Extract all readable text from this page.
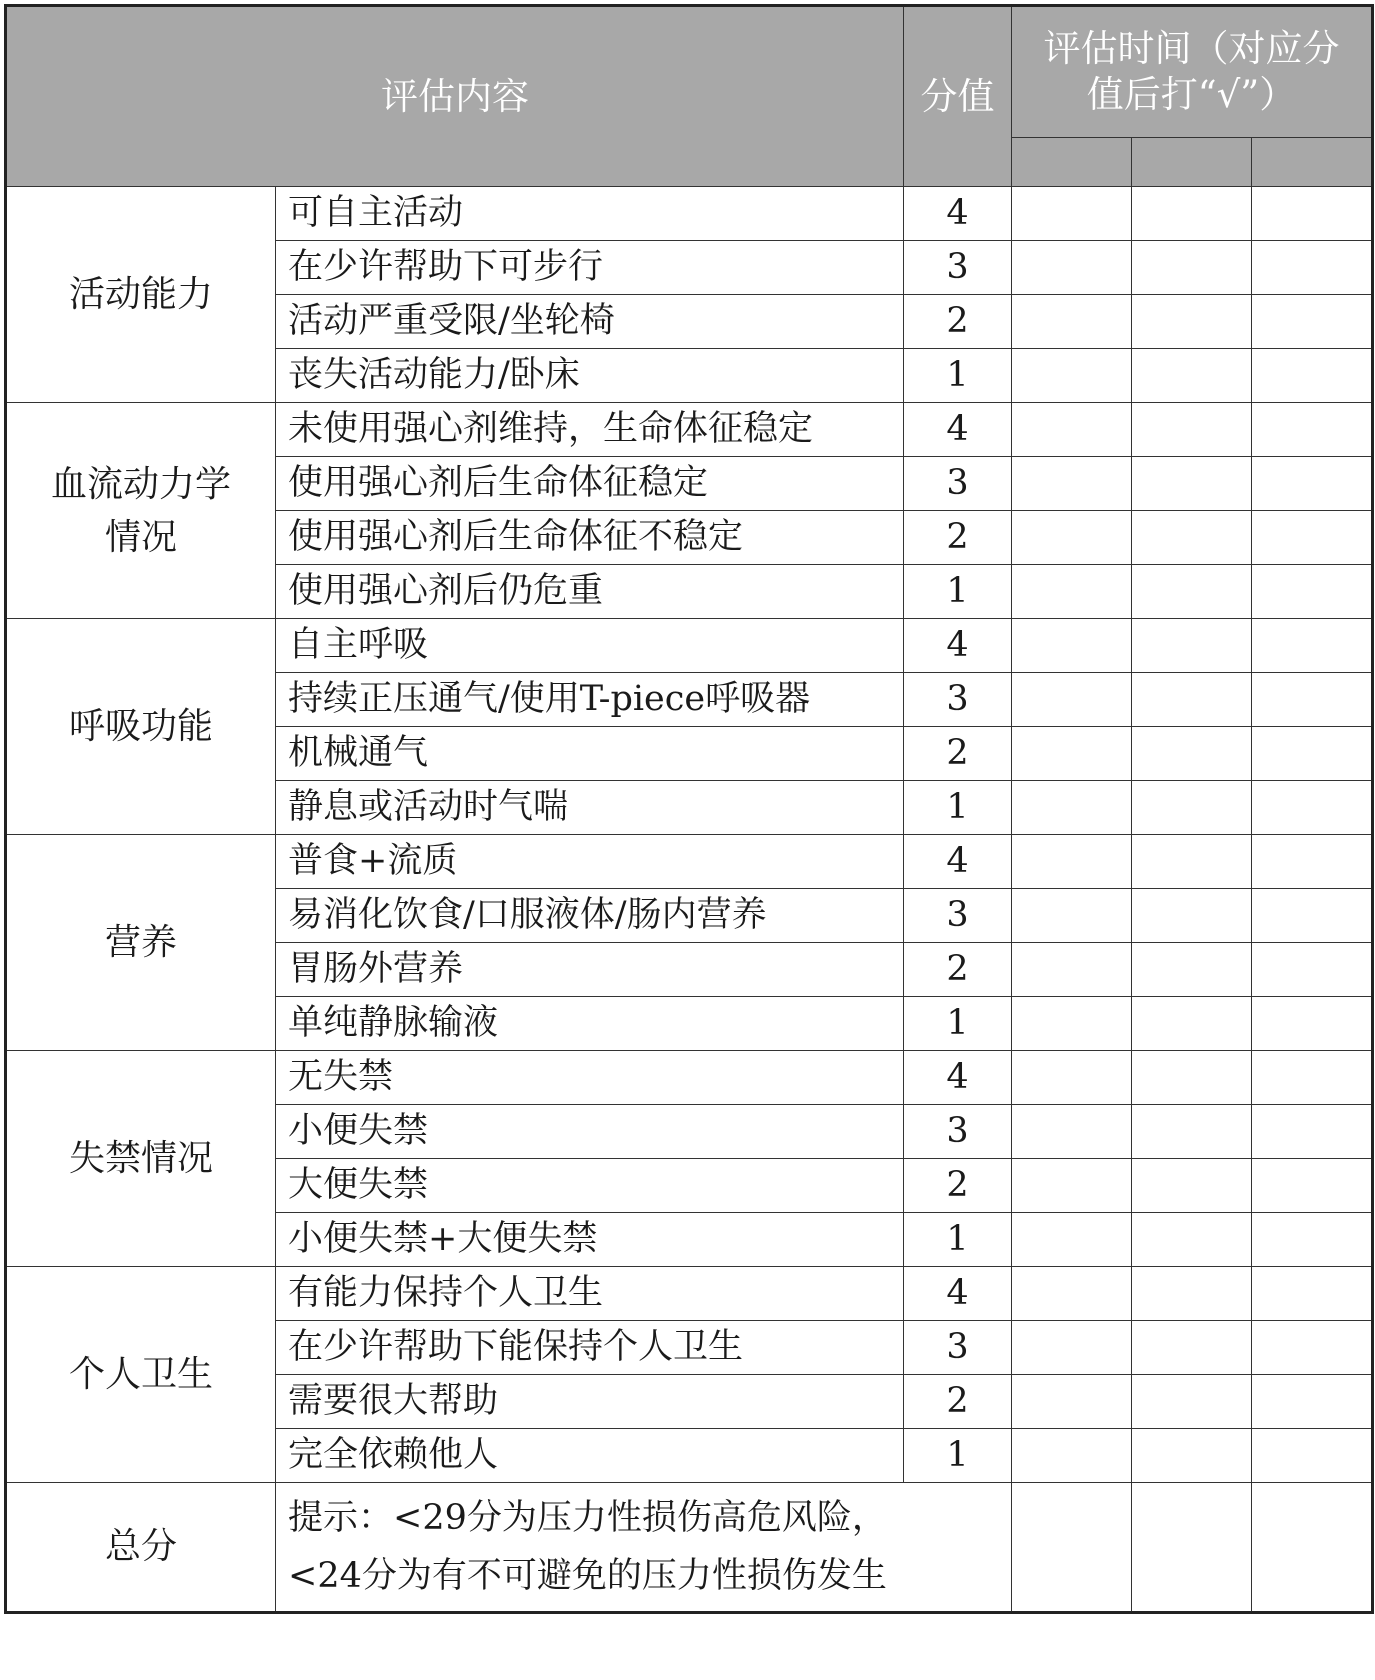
评估内容		分值	评估时间（对应分
值后打“√”）		

活动能力	可自主活动	4			
	在少许帮助下可步行	3			
	活动严重受限/坐轮椅	2			
	丧失活动能力/卧床	1			

血流动力学
情况	未使用强心剂维持，生命体征稳定	4			
	使用强心剂后生命体征稳定	3			
	使用强心剂后生命体征不稳定	2			
	使用强心剂后仍危重	1			

呼吸功能	自主呼吸	4			
	持续正压通气/使用T-piece呼吸器	3			
	机械通气	2			
	静息或活动时气喘	1			

营养	普食+流质	4			
	易消化饮食/口服液体/肠内营养	3			
	胃肠外营养	2			
	单纯静脉输液	1			

失禁情况	无失禁	4			
	小便失禁	3			
	大便失禁	2			
	小便失禁+大便失禁	1			

个人卫生	有能力保持个人卫生	4			
	在少许帮助下能保持个人卫生	3			
	需要很大帮助	2			
	完全依赖他人	1			
总分	提示：<29分为压力性损伤高危风险，
<24分为有不可避免的压力性损伤发生				
